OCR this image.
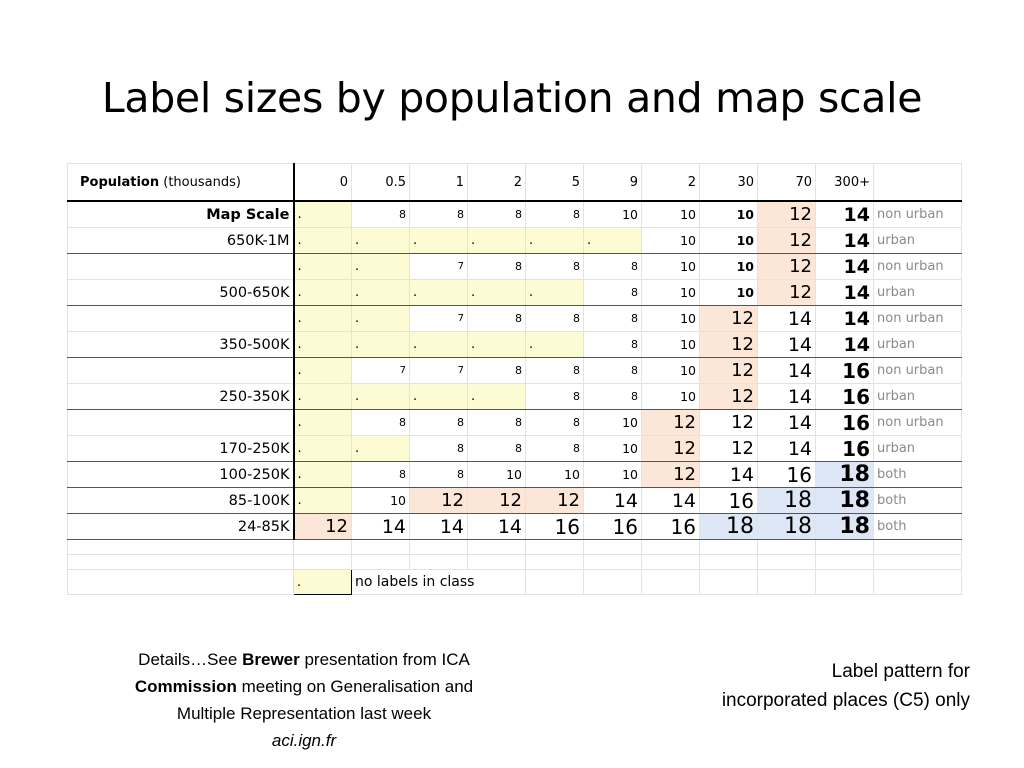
Label sizes by population and map scale
Population (thousands)	0	0.5	1	2	5	9	2	30	70	300+	
Map Scale	.	8	8	8	8	10	10	10	12	14	non urban
650K-1M	.	.	.	.	.	.	10	10	12	14	urban
	.	.	7	8	8	8	10	10	12	14	non urban
500-650K	.	.	.	.	.	8	10	10	12	14	urban
	.	.	7	8	8	8	10	12	14	14	non urban
350-500K	.	.	.	.	.	8	10	12	14	14	urban
	.	7	7	8	8	8	10	12	14	16	non urban
250-350K	.	.	.	.	8	8	10	12	14	16	urban
	.	8	8	8	8	10	12	12	14	16	non urban
170-250K	.	.	8	8	8	10	12	12	14	16	urban
100-250K	.	8	8	10	10	10	12	14	16	18	both
85-100K	.	10	12	12	12	14	14	16	18	18	both
24-85K	12	14	14	14	16	16	16	18	18	18	both

	.	no labels in class									
Details…See Brewer presentation from ICA
Commission meeting on Generalisation and
Multiple Representation last week
aci.ign.fr
Label pattern for
incorporated places (C5) only
